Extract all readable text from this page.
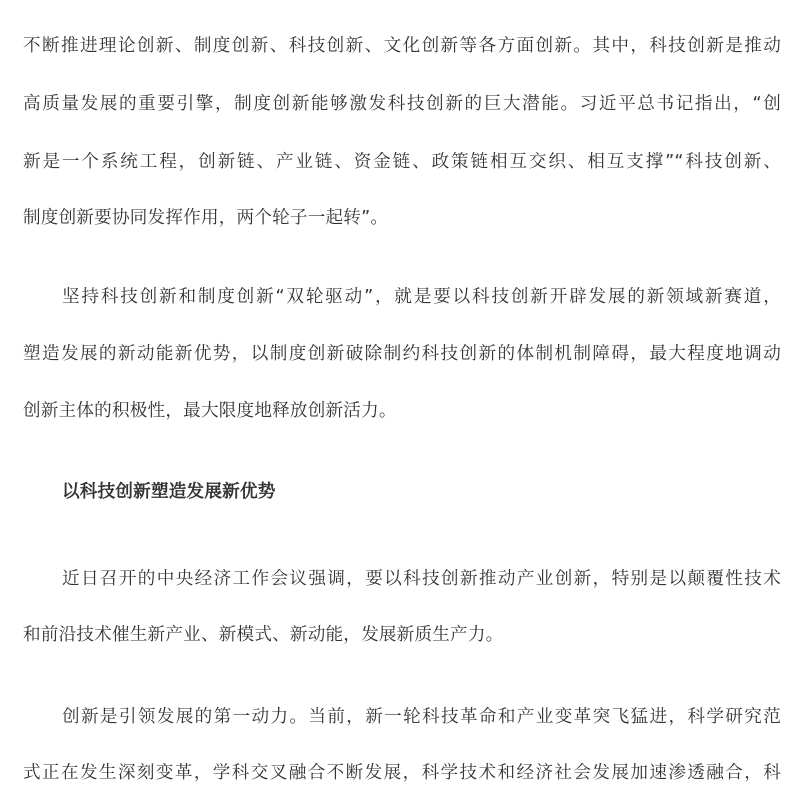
不断推进理论创新、制度创新、科技创新、文化创新等各方面创新。其中，科技创新是推动
高质量发展的重要引擎，制度创新能够激发科技创新的巨大潜能。习近平总书记指出，“创
新是一个系统工程，创新链、产业链、资金链、政策链相互交织、相互支撑”“科技创新、
制度创新要协同发挥作用，两个轮子一起转”。
坚持科技创新和制度创新“双轮驱动”，就是要以科技创新开辟发展的新领域新赛道，
塑造发展的新动能新优势，以制度创新破除制约科技创新的体制机制障碍，最大程度地调动
创新主体的积极性，最大限度地释放创新活力。
以科技创新塑造发展新优势
近日召开的中央经济工作会议强调，要以科技创新推动产业创新，特别是以颠覆性技术
和前沿技术催生新产业、新模式、新动能，发展新质生产力。
创新是引领发展的第一动力。当前，新一轮科技革命和产业变革突飞猛进，科学研究范
式正在发生深刻变革，学科交叉融合不断发展，科学技术和经济社会发展加速渗透融合，科
